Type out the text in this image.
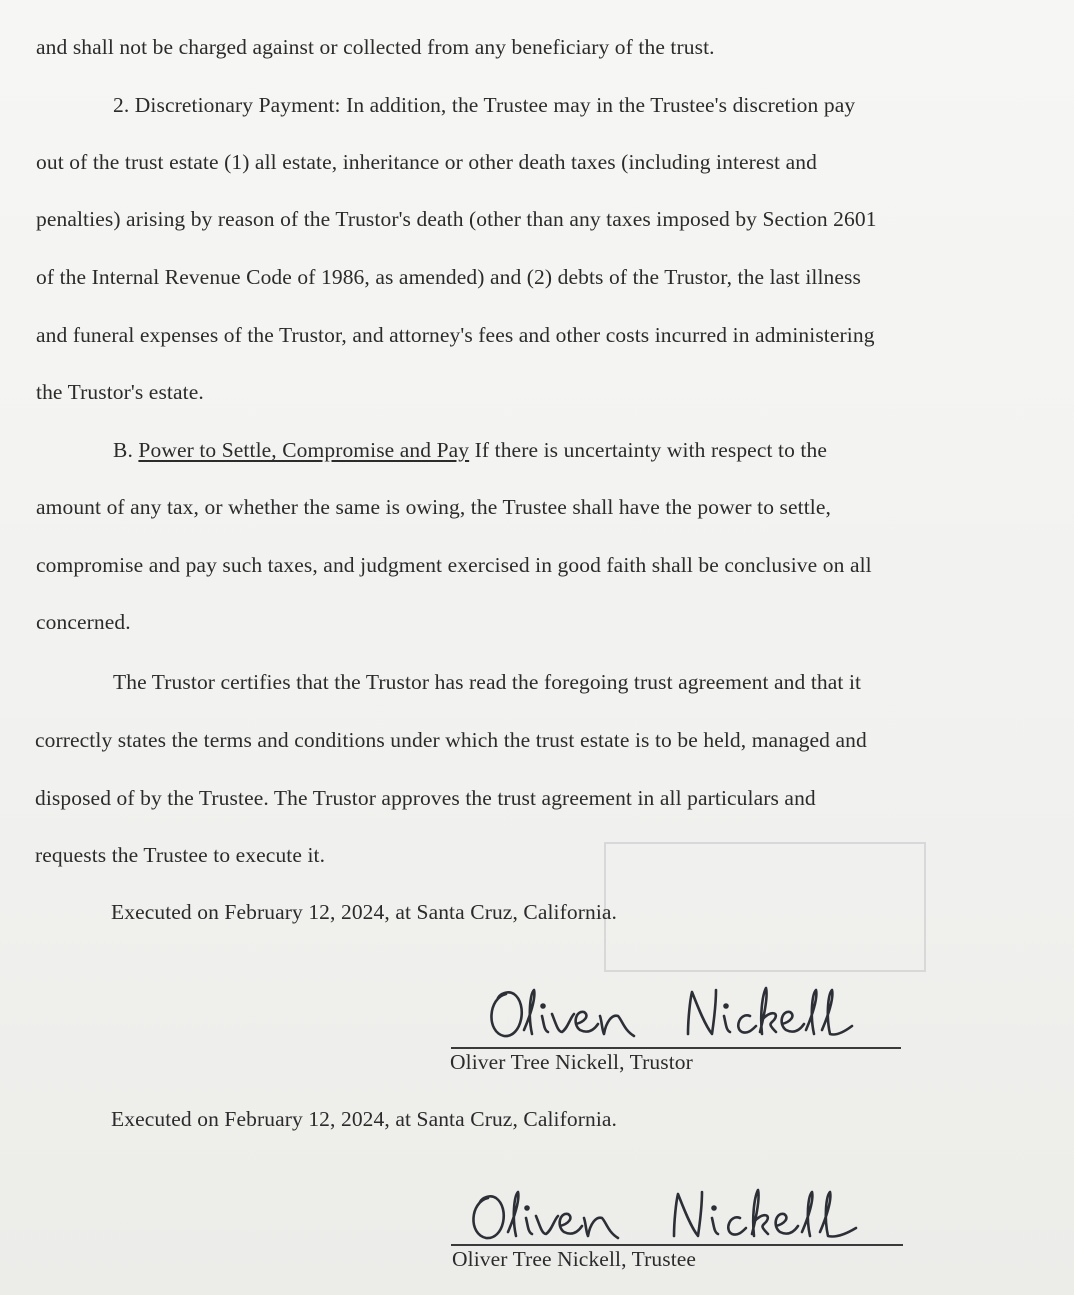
and shall not be charged against or collected from any beneficiary of the trust.
2. Discretionary Payment: In addition, the Trustee may in the Trustee's discretion pay
out of the trust estate (1) all estate, inheritance or other death taxes (including interest and
penalties) arising by reason of the Trustor's death (other than any taxes imposed by Section 2601
of the Internal Revenue Code of 1986, as amended) and (2) debts of the Trustor, the last illness
and funeral expenses of the Trustor, and attorney's fees and other costs incurred in administering
the Trustor's estate.
B. Power to Settle, Compromise and Pay If there is uncertainty with respect to the
amount of any tax, or whether the same is owing, the Trustee shall have the power to settle,
compromise and pay such taxes, and judgment exercised in good faith shall be conclusive on all
concerned.
The Trustor certifies that the Trustor has read the foregoing trust agreement and that it
correctly states the terms and conditions under which the trust estate is to be held, managed and
disposed of by the Trustee. The Trustor approves the trust agreement in all particulars and
requests the Trustee to execute it.
Executed on February 12, 2024, at Santa Cruz, California.
Oliver Tree Nickell, Trustor
Executed on February 12, 2024, at Santa Cruz, California.
Oliver Tree Nickell, Trustee
